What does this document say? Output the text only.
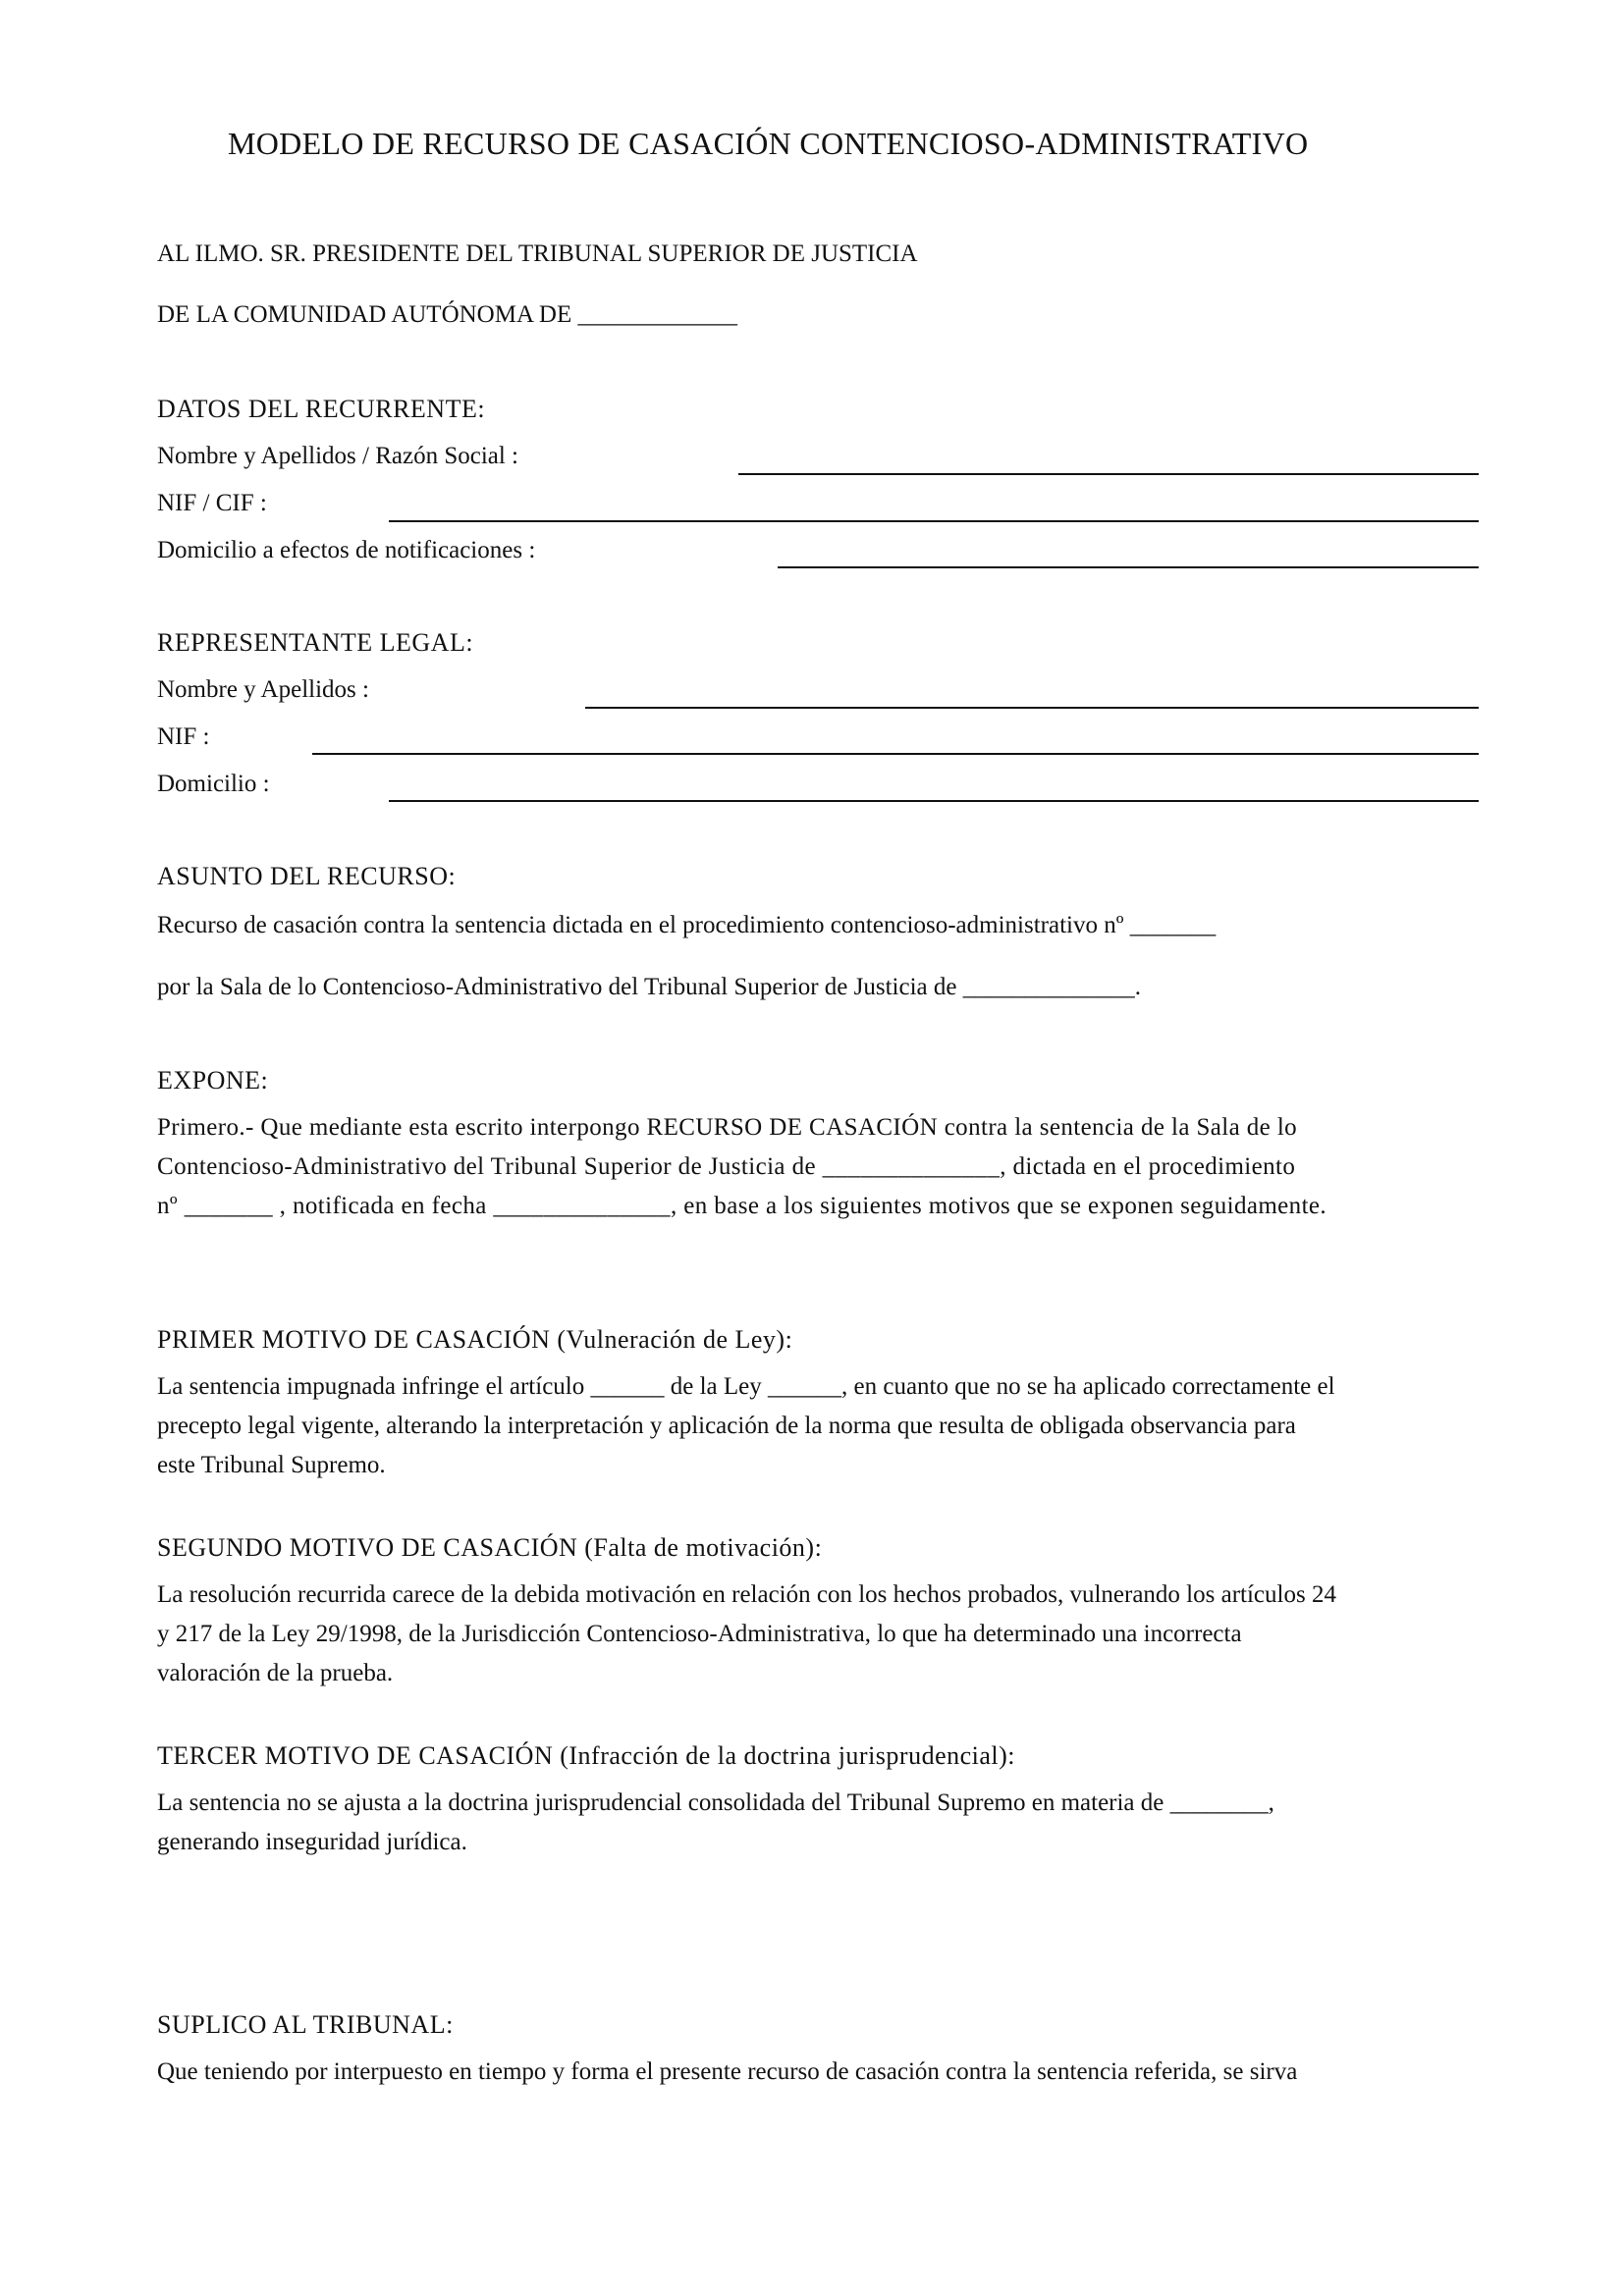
MODELO DE RECURSO DE CASACIÓN CONTENCIOSO-ADMINISTRATIVO
AL ILMO. SR. PRESIDENTE DEL TRIBUNAL SUPERIOR DE JUSTICIA
DE LA COMUNIDAD AUTÓNOMA DE _____________
DATOS DEL RECURRENTE:
Nombre y Apellidos / Razón Social :
NIF / CIF :
Domicilio a efectos de notificaciones :
REPRESENTANTE LEGAL:
Nombre y Apellidos :
NIF :
Domicilio :
ASUNTO DEL RECURSO:
Recurso de casación contra la sentencia dictada en el procedimiento contencioso-administrativo nº _______
por la Sala de lo Contencioso-Administrativo del Tribunal Superior de Justicia de ______________.
EXPONE:
Primero.- Que mediante esta escrito interpongo RECURSO DE CASACIÓN contra la sentencia de la Sala de lo
Contencioso-Administrativo del Tribunal Superior de Justicia de ______________, dictada en el procedimiento
nº _______ , notificada en fecha ______________, en base a los siguientes motivos que se exponen seguidamente.
PRIMER MOTIVO DE CASACIÓN (Vulneración de Ley):
La sentencia impugnada infringe el artículo ______ de la Ley ______, en cuanto que no se ha aplicado correctamente el
precepto legal vigente, alterando la interpretación y aplicación de la norma que resulta de obligada observancia para
este Tribunal Supremo.
SEGUNDO MOTIVO DE CASACIÓN (Falta de motivación):
La resolución recurrida carece de la debida motivación en relación con los hechos probados, vulnerando los artículos 24
y 217 de la Ley 29/1998, de la Jurisdicción Contencioso-Administrativa, lo que ha determinado una incorrecta
valoración de la prueba.
TERCER MOTIVO DE CASACIÓN (Infracción de la doctrina jurisprudencial):
La sentencia no se ajusta a la doctrina jurisprudencial consolidada del Tribunal Supremo en materia de ________,
generando inseguridad jurídica.
SUPLICO AL TRIBUNAL:
Que teniendo por interpuesto en tiempo y forma el presente recurso de casación contra la sentencia referida, se sirva
